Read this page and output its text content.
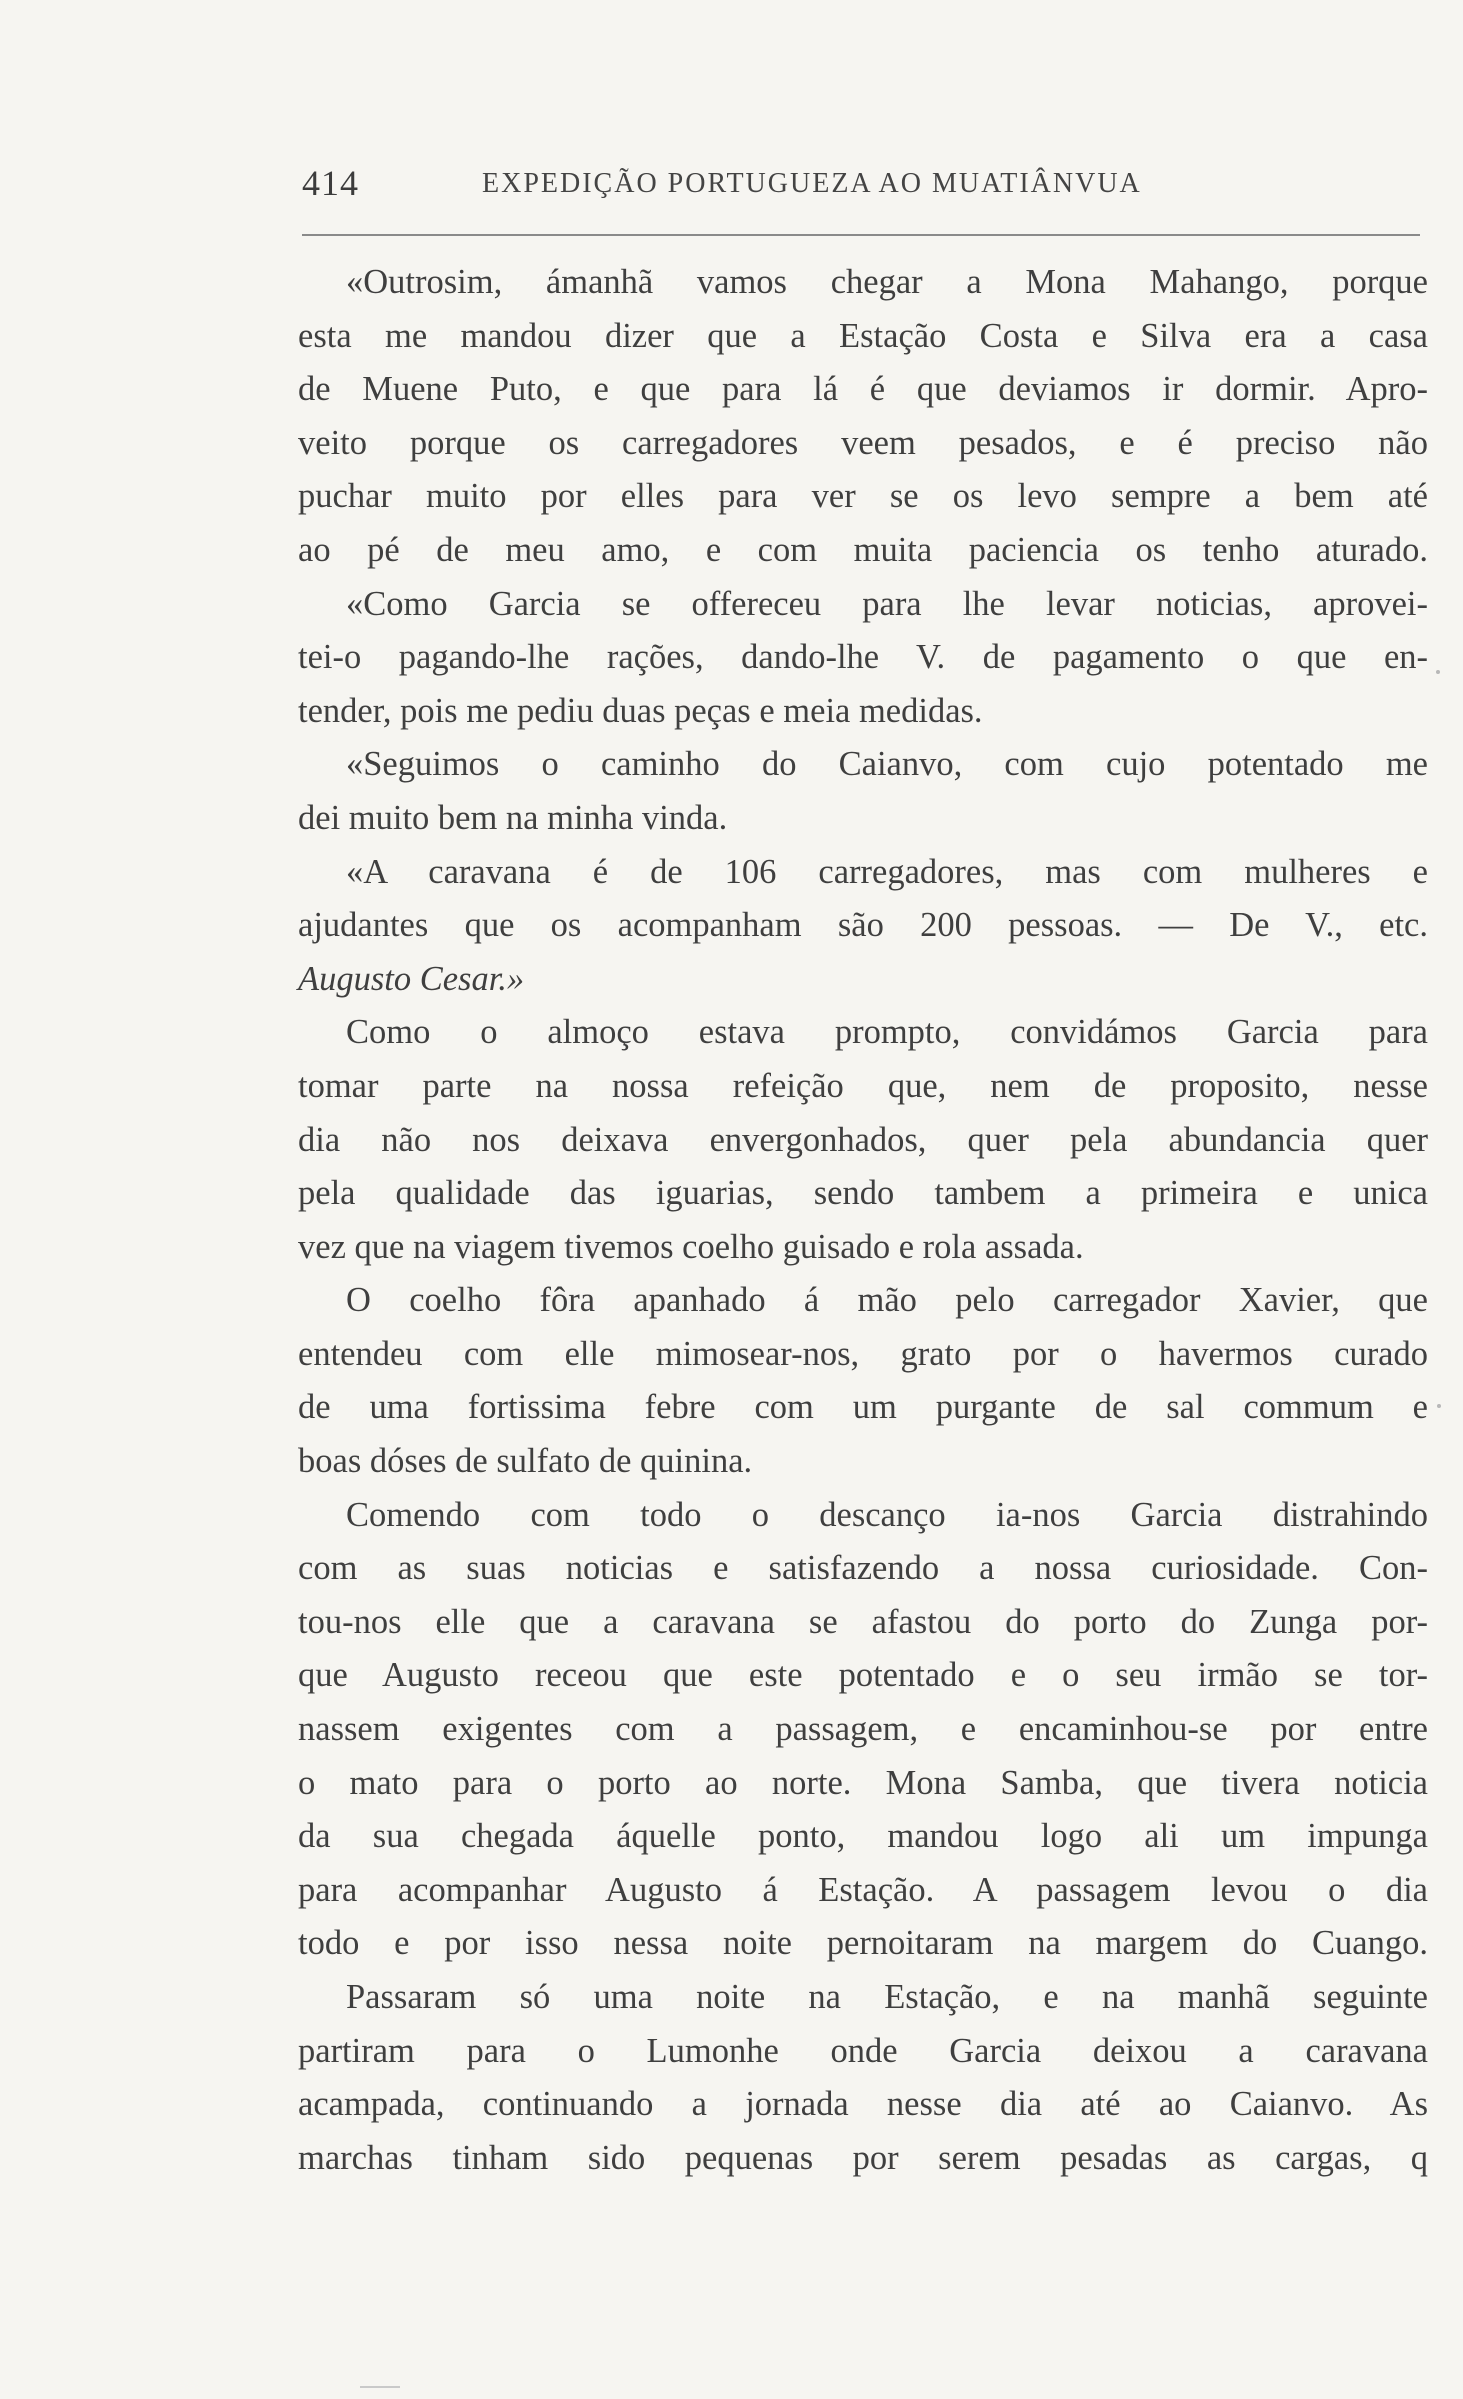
414	EXPEDIÇÃO PORTUGUEZA AO MUATIÂNVUA
«Outrosim, ámanhã vamos chegar a Mona Mahango, porque
esta me mandou dizer que a Estação Costa e Silva era a casa
de Muene Puto, e que para lá é que deviamos ir dormir. Apro-
veito porque os carregadores veem pesados, e é preciso não
puchar muito por elles para ver se os levo sempre a bem até
ao pé de meu amo, e com muita paciencia os tenho aturado.
«Como Garcia se offereceu para lhe levar noticias, aprovei-
tei-o pagando-lhe rações, dando-lhe V. de pagamento o que en-
tender, pois me pediu duas peças e meia medidas.
«Seguimos o caminho do Caianvo, com cujo potentado me
dei muito bem na minha vinda.
«A caravana é de 106 carregadores, mas com mulheres e
ajudantes que os acompanham são 200 pessoas. — De V., etc.
Augusto Cesar.»
Como o almoço estava prompto, convidámos Garcia para
tomar parte na nossa refeição que, nem de proposito, nesse
dia não nos deixava envergonhados, quer pela abundancia quer
pela qualidade das iguarias, sendo tambem a primeira e unica
vez que na viagem tivemos coelho guisado e rola assada.
O coelho fôra apanhado á mão pelo carregador Xavier, que
entendeu com elle mimosear-nos, grato por o havermos curado
de uma fortissima febre com um purgante de sal commum e
boas dóses de sulfato de quinina.
Comendo com todo o descanço ia-nos Garcia distrahindo
com as suas noticias e satisfazendo a nossa curiosidade. Con-
tou-nos elle que a caravana se afastou do porto do Zunga por-
que Augusto receou que este potentado e o seu irmão se tor-
nassem exigentes com a passagem, e encaminhou-se por entre
o mato para o porto ao norte. Mona Samba, que tivera noticia
da sua chegada áquelle ponto, mandou logo ali um impunga
para acompanhar Augusto á Estação. A passagem levou o dia
todo e por isso nessa noite pernoitaram na margem do Cuango.
Passaram só uma noite na Estação, e na manhã seguinte
partiram para o Lumonhe onde Garcia deixou a caravana
acampada, continuando a jornada nesse dia até ao Caianvo. As
marchas tinham sido pequenas por serem pesadas as cargas, q
